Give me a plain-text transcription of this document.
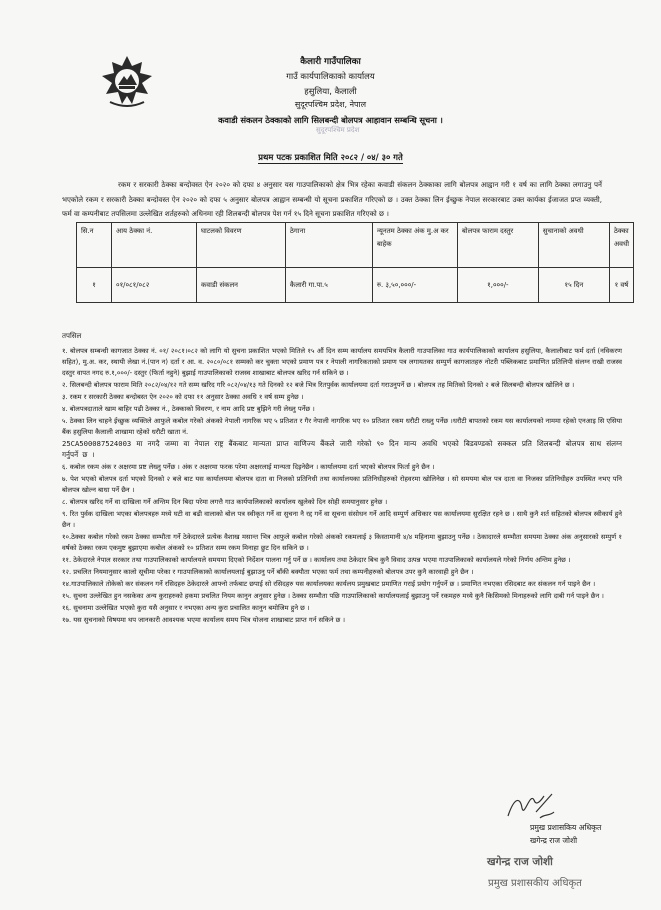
कैलारी गाउँपालिका
गाउँ कार्यपालिकाको कार्यालय
हसुलिया, कैलाली
सुदूरपश्चिम प्रदेश, नेपाल
कवाडी संकलन ठेक्काको लागि सिलबन्दी बोलपत्र आहावान सम्बन्धि सूचना ।
सुदूरपश्चिम प्रदेश
प्रथम पटक प्रकाशित मिति २०८२ / ०४/ ३० गते
रकम र सरकारी ठेक्का बन्दोवस्त ऐन २०२० को दफा ४ अनुसार यस गाउपालिकाको क्षेत्र भित्र रहेका कवाडी संकलन ठेक्काका लागि बोलपत्र आह्वान गरी १ वर्ष का लागि ठेक्का लगाउनु पर्ने भएकोले रकम र सरकारी ठेक्का बन्दोवस्त ऐन २०२० को दफा ५ अनुसार बोलपत्र आह्वान सम्बन्धी यो सूचना प्रकाशित गरिएको छ । उक्त ठेक्का लिन ईच्छुक नेपाल सरकारबाट उक्त कार्यका ईजाजत प्रप्त व्यक्ती, फर्म वा कम्पनीबाट तपसिलमा उल्लेखित शर्तहरुको अधिनमा रही शिलबन्दी बोलपत्र पेश गर्न १५ दिने सूचना प्रकाशित गरिएको छ ।
सि.न	आय ठेक्का नं.	घाटलको विवरण	ठेगाना	न्यूनतम ठेक्का अंक मु.अ कर बाहेक	बोलपत्र फाराम दस्तुर	सुचानाको अवधी	ठेक्का अवधी
१	०१/०८१/०८२	कवाडी संकलन	कैलारी गा.पा.५	रु. ३,५०,०००/-	१,०००/-	१५ दिन	१ वर्ष
तपसिल

१. बोलपत्र सम्बन्धी कागजात ठेक्का नं. ०१/ २०८१।०८२ को लागि यो सुचना प्रकाशित भएको मितिले १५ औं दिन सम्म कार्यालय समयभित्र कैलारी गाउपालिका गाउ कार्यपालिकाको कार्यालय हसुलिया, कैलालीबाट फर्म दर्ता (नविकरण सहित), मु.अ. कर, स्थायी लेखा नं.(पान न) दर्ता र आ. व. २०८०/०८१ सम्मको कर चुक्ता भएको प्रमाण पत्र र नेपाली नागरिकताको प्रमाण पत्र लगायतका सम्पुर्ण कागजातहरु नोटरी पब्लिकबाट प्रमाणित प्रतिलिपी संलग्न राखी राजस्व दस्तुर वापत नगद रु.१,०००/- दस्तुर (फिर्ता नहुने) बुझाई गाउपालिकाको राजस्व शाखाबाट बोलपत्र खरिद गर्न सकिने छ ।

२. सिलबन्दी बोलपत्र फाराम मिति २०८२/०४/१२ गते सम्म खरिद गरि ०८२/०४/१३ गते दिनको १२ बजे भित्र रितपुर्वक कार्यालयमा दर्ता गराउनुपर्ने छ । बोलपत्र तह मितिको दिनको २ बजे सिलबन्दी बोलपत्र खोलिने छ ।

३. रकम र सरकारी ठेक्का बन्दोबस्त ऐन २०२० को दफा ११ अनुसार ठेक्का अवधि १ वर्ष सम्म हुनेछ ।

४. बोलपत्रदाताले खाम बाहिर पढी ठेक्का नं., ठेक्काको विवरण, र नाम आदि प्रष्ट बुझिने गरी लेख्नु पर्नेछ ।

५. ठेक्का लिन चाहने ईच्छुक व्यक्तिले आफुले कबोल गरेको अंकको नेपाली नागरिक भए ५ प्रतिशत र गैर नेपाली नागरिक भए १० प्रतिशत रकम धरौटी राख्नु पर्नेछ ।धरौटी बापतको रकम यस कार्यालयको नाममा रहेको एनआइ सि एसिया बैंक हसुलिया कैलाली शाखामा रहेको धरौटी खाता नं.

25CA500087524003 मा नगदै जम्मा वा नेपाल राष्ट्र बैंकबाट मान्यता प्राप्त वाणिज्य बैंकले जारी गरेको ९० दिन मान्य अवधि भएको बिडवण्डको सक्कल प्रति शिलबन्दी बोलपत्र साथ संलग्न गर्नुपर्ने छ ।

६. कबोल रकम अंक र अक्षरमा प्रष्ट लेख्नु पर्नेछ । अंक र अक्षरमा फरक परेमा अक्षरलाई मान्यता दिइनेछैन । कार्यालयमा दर्ता भएको बोलपत्र फिर्ता हुने छैन ।

७. पेश भएको बोलपत्र दर्ता भएको दिनको २ बजे बाट यस कार्यालयमा बोलपत्र दाता वा निजको प्रतिनिधी तथा कार्यालयका प्रतिनिधीहरुको रोहवरमा खोलिनेछ । सो समयमा बोल पत्र दाता वा निजका प्रतिनिधीहरु उपस्थित नभए पनि बोलपत्र खोल्न बाधा पर्ने छैन ।

८. बोलपत्र खरिद गर्ने वा दाखिला गर्ने अन्तिम दिन बिदा परेमा लगत्तै गाउ कार्यपालिकाको कार्यालय खुलेको दिन सोही समयानुसार हुनेछ ।

९. रित पुर्वक दाखिला भएका बोलपत्रहरु मध्ये घटी वा बढी वालाको बोल पत्र स्वीकृत गर्ने वा सुचना नै रद्द गर्ने वा सूचना संसोधन गर्ने आदि सम्पुर्ण अधिकार यस कार्यालयमा सुरक्षित रहने छ । साथै कुनै शर्त सहितको बोलपत्र स्वीकार्य हुने छैन ।

१०.ठेक्का कबोल गरेको रकम ठेक्का सम्भौता गर्ने ठेकेदारले प्रत्येक वैशाख मसान्त भित्र आफुले कबोल गरेको अंकको रकमलाई ३ किस्तामानी ४/४ महिनामा बुझाउनु पर्नेछ । ठेकादारले सम्भौता समयमा ठेक्का अंक अनुसारको सम्पुर्ण १ वर्षको ठेक्का रकम एकमुष्ट बुझाएमा कबोल अंकको १० प्रतिशत सम्म रकम मिनाहा छुट दिन सकिने छ ।

११. ठेकेदारले नेपाल सरकार तथा गाउपालिकाको कार्यालयले समयमा दिएको निर्देशन पालना गर्नु पर्ने छ । कार्यालय तथा ठेकेदार बिच कुनै विवाद उत्पन्न भएमा गाउपालिकाको कार्यालयले गरेको निर्णय अन्तिम हुनेछ ।

१२. प्रचलित नियमानुसार कालो सूचीमा परेका र गाउपालिकाको कार्यालयलाई बुझाउनु पर्ने बाँकी बक्यौता भएका फर्म तथा कम्पनीहरुको बोलपत्र उपर कुनै कारवाही हुने छैन ।

१४.गाउपालिकाले तोकेको कर संकलन गर्ने रसिदहरु ठेकेदारले आफ्नो तर्फबाट छपाई सो रसिदहरु यस कार्यालयका कार्यलय प्रमुखबाट प्रमाणित गराई प्रयोग गर्नुपर्ने छ । प्रमाणित नभएका रसिदबाट कर संकलन गर्न पाइने छैन ।

१५. सुचना उल्लेखित हुन नसकेका अन्य कुराहरुको हकमा प्रचलित नियम कानुन अनुसार हुनेछ । ठेक्का सम्भौता पछि गाउपालिकाको कार्यालयलाई बुझाउनु पर्ने रकमहरु मध्ये कुनै किसिमको मिनाहरुको लागि दाबी गर्न पाइने छैन ।

१६. सुचनामा उल्लेखित भएको कुरा यसै अनुसार र नभएका अन्य कुरा प्रचालित कानुन बमोजिम हुने छ ।

१७. यस सुचनाको विषयमा थप जानकारी आवश्यक भएमा कार्यालय समय भित्र योजना शाखाबाट प्राप्त गर्न सकिने छ ।

प्रमुख प्रशासकिय अधिकृत
खगेन्द्र राज जोशी
खगेन्द्र राज जोशी
प्रमुख प्रशासकीय अधिकृत
